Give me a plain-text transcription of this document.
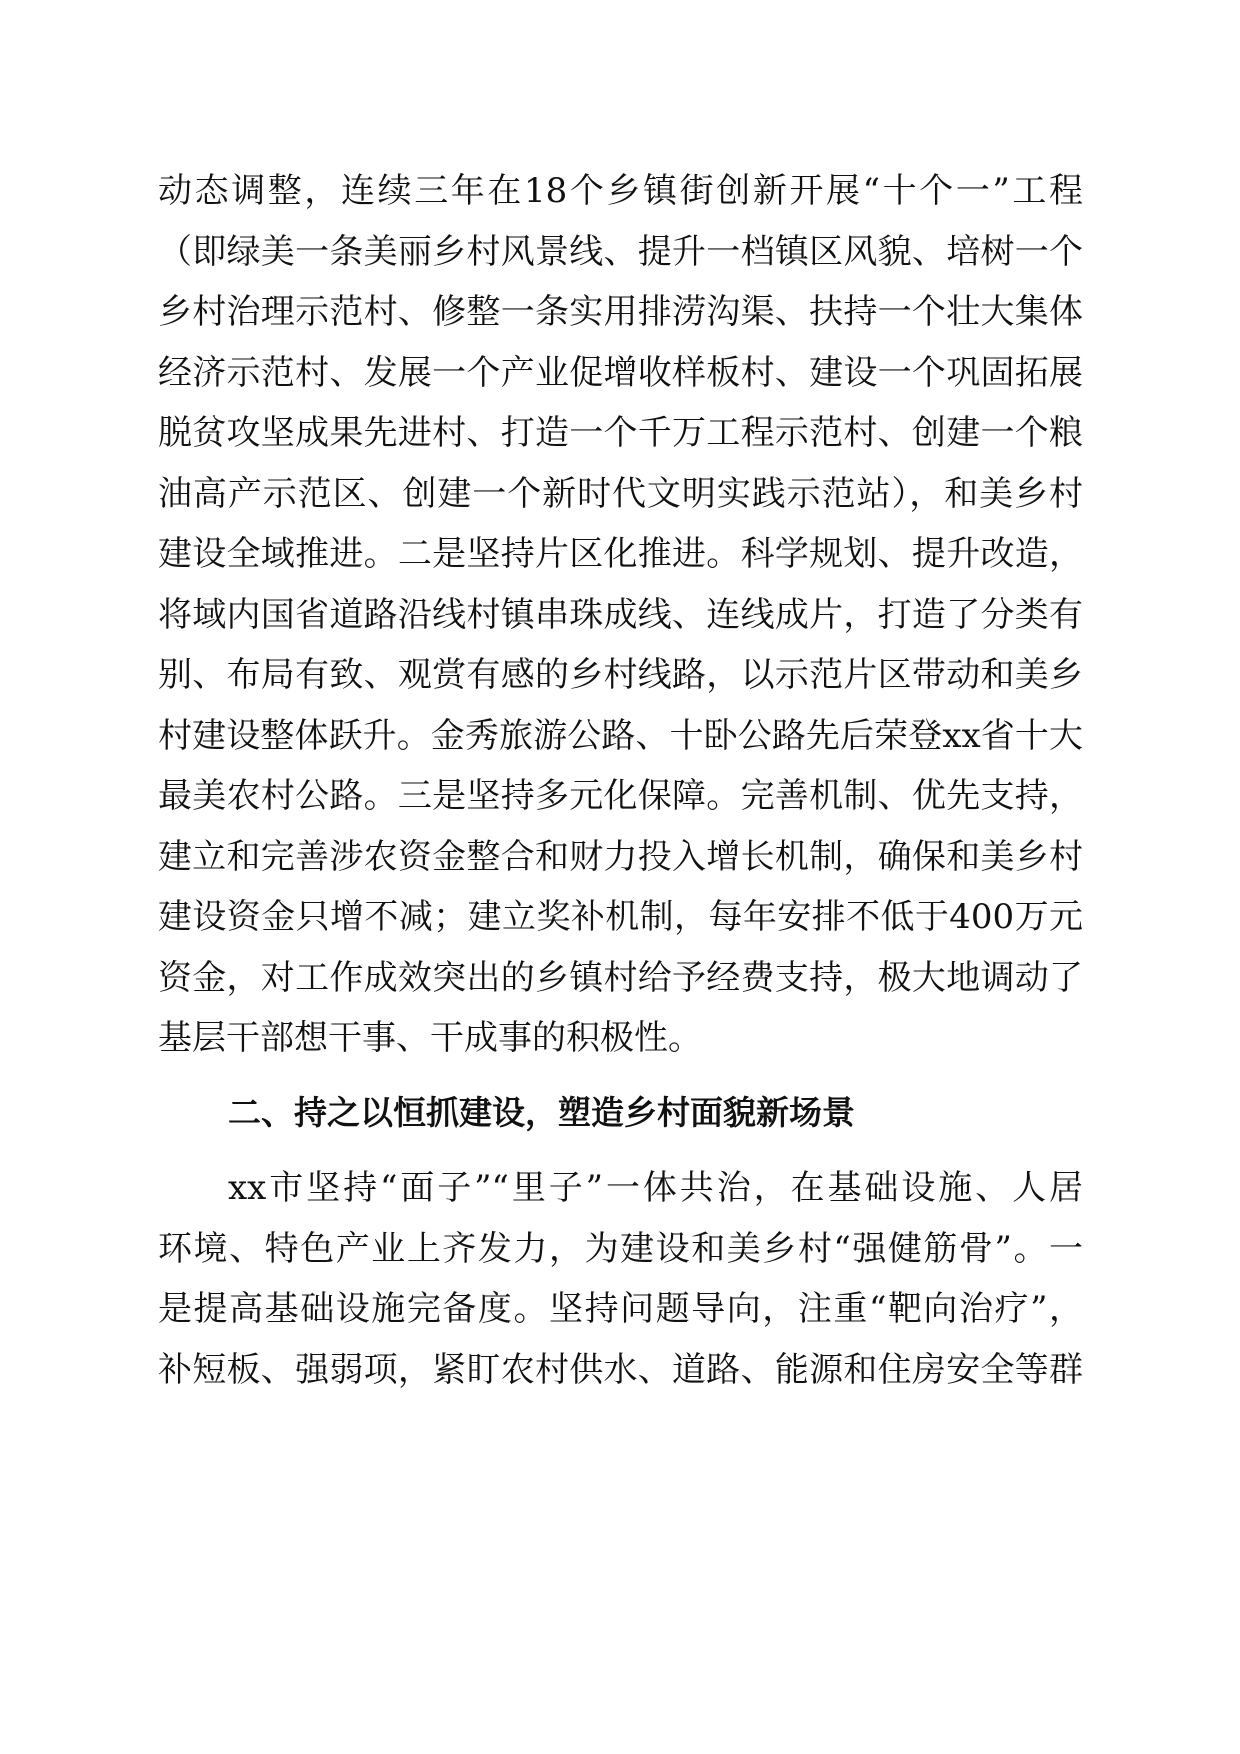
动态调整，连续三年在18个乡镇街创新开展“十个一”工程
（即绿美一条美丽乡村风景线、提升一档镇区风貌、培树一个
乡村治理示范村、修整一条实用排涝沟渠、扶持一个壮大集体
经济示范村、发展一个产业促增收样板村、建设一个巩固拓展
脱贫攻坚成果先进村、打造一个千万工程示范村、创建一个粮
油高产示范区、创建一个新时代文明实践示范站），和美乡村
建设全域推进。二是坚持片区化推进。科学规划、提升改造，
将域内国省道路沿线村镇串珠成线、连线成片，打造了分类有
别、布局有致、观赏有感的乡村线路，以示范片区带动和美乡
村建设整体跃升。金秀旅游公路、十卧公路先后荣登xx省十大
最美农村公路。三是坚持多元化保障。完善机制、优先支持，
建立和完善涉农资金整合和财力投入增长机制，确保和美乡村
建设资金只增不减；建立奖补机制，每年安排不低于400万元
资金，对工作成效突出的乡镇村给予经费支持，极大地调动了
基层干部想干事、干成事的积极性。
二、持之以恒抓建设，塑造乡村面貌新场景
xx市坚持“面子”“里子”一体共治，在基础设施、人居
环境、特色产业上齐发力，为建设和美乡村“强健筋骨”。一
是提高基础设施完备度。坚持问题导向，注重“靶向治疗”，
补短板、强弱项，紧盯农村供水、道路、能源和住房安全等群
